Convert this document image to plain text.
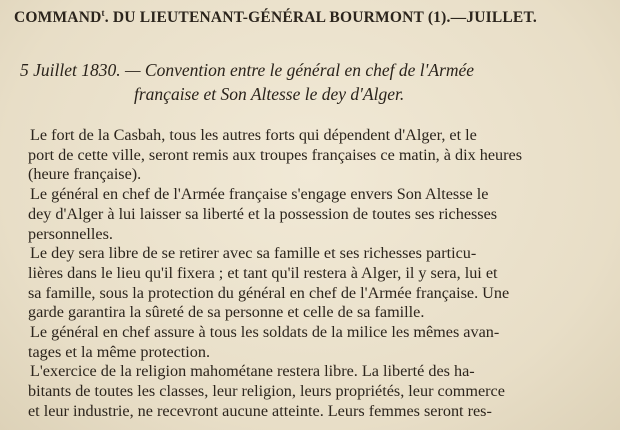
COMMAND$^t$. DU LIEUTENANT-GÉNÉRAL BOURMONT (1).—JUILLET.
5 Juillet 1830. — Convention entre le général en chef de l'Armée
française et Son Altesse le dey d'Alger.

Le fort de la Casbah, tous les autres forts qui dépendent d'Alger, et le
port de cette ville, seront remis aux troupes françaises ce matin, à dix heures
(heure française).

Le général en chef de l'Armée française s'engage envers Son Altesse le
dey d'Alger à lui laisser sa liberté et la possession de toutes ses richesses
personnelles.

Le dey sera libre de se retirer avec sa famille et ses richesses particu-
lières dans le lieu qu'il fixera ; et tant qu'il restera à Alger, il y sera, lui et
sa famille, sous la protection du général en chef de l'Armée française. Une
garde garantira la sûreté de sa personne et celle de sa famille.

Le général en chef assure à tous les soldats de la milice les mêmes avan-
tages et la même protection.

L'exercice de la religion mahométane restera libre. La liberté des ha-
bitants de toutes les classes, leur religion, leurs propriétés, leur commerce
et leur industrie, ne recevront aucune atteinte. Leurs femmes seront res-
